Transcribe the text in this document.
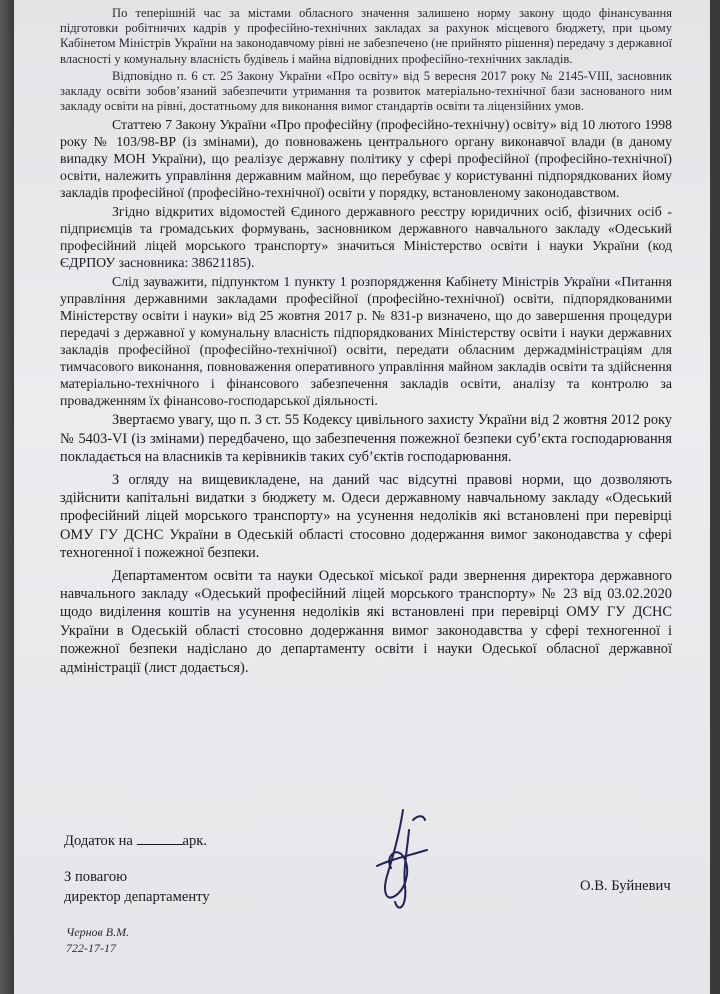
По теперішній час за містами обласного значення залишено норму закону щодо фінансування підготовки робітничих кадрів у професійно-технічних закладах за рахунок місцевого бюджету, при цьому Кабінетом Міністрів України на законодавчому рівні не забезпечено (не прийнято рішення) передачу з державної власності у комунальну власність будівель і майна відповідних професійно-технічних закладів.

Відповідно п. 6 ст. 25 Закону України «Про освіту» від 5 вересня 2017 року № 2145-VIII, засновник закладу освіти зобов’язаний забезпечити утримання та розвиток матеріально-технічної бази заснованого ним закладу освіти на рівні, достатньому для виконання вимог стандартів освіти та ліцензійних умов.

Статтею 7 Закону України «Про професійну (професійно-технічну) освіту» від 10 лютого 1998 року № 103/98-ВР (із змінами), до повноважень центрального органу виконавчої влади (в даному випадку МОН України), що реалізує державну політику у сфері професійної (професійно-технічної) освіти, належить управління державним майном, що перебуває у користуванні підпорядкованих йому закладів професійної (професійно-технічної) освіти у порядку, встановленому законодавством.

Згідно відкритих відомостей Єдиного державного реєстру юридичних осіб, фізичних осіб - підприємців та громадських формувань, засновником державного навчального закладу «Одеський професійний ліцей морського транспорту» значиться Міністерство освіти і науки України (код ЄДРПОУ засновника: 38621185).

Слід зауважити, підпунктом 1 пункту 1 розпорядження Кабінету Міністрів України «Питання управління державними закладами професійної (професійно-технічної) освіти, підпорядкованими Міністерству освіти і науки» від 25 жовтня 2017 р. № 831-р визначено, що до завершення процедури передачі з державної у комунальну власність підпорядкованих Міністерству освіти і науки державних закладів професійної (професійно-технічної) освіти, передати обласним держадміністраціям для тимчасового виконання, повноваження оперативного управління майном закладів освіти та здійснення матеріально-технічного і фінансового забезпечення закладів освіти, аналізу та контролю за провадженням їх фінансово-господарської діяльності.

Звертаємо увагу, що п. 3 ст. 55 Кодексу цивільного захисту України від 2 жовтня 2012 року № 5403-VI (із змінами) передбачено, що забезпечення пожежної безпеки суб’єкта господарювання покладається на власників та керівників таких суб’єктів господарювання.

З огляду на вищевикладене, на даний час відсутні правові норми, що дозволяють здійснити капітальні видатки з бюджету м. Одеси державному навчальному закладу «Одеський професійний ліцей морського транспорту» на усунення недоліків які встановлені при перевірці ОМУ ГУ ДСНС України в Одеській області стосовно додержання вимог законодавства у сфері техногенної і пожежної безпеки.

Департаментом освіти та науки Одеської міської ради звернення директора державного навчального закладу «Одеський професійний ліцей морського транспорту» № 23 від 03.02.2020 щодо виділення коштів на усунення недоліків які встановлені при перевірці ОМУ ГУ ДСНС України в Одеській області стосовно додержання вимог законодавства у сфері техногенної і пожежної безпеки надіслано до департаменту освіти і науки Одеської обласної державної адміністрації (лист додається).

Додаток на	арк.
З повагою
директор департаменту
О.В. Буйневич
Чернов В.М.
722-17-17
